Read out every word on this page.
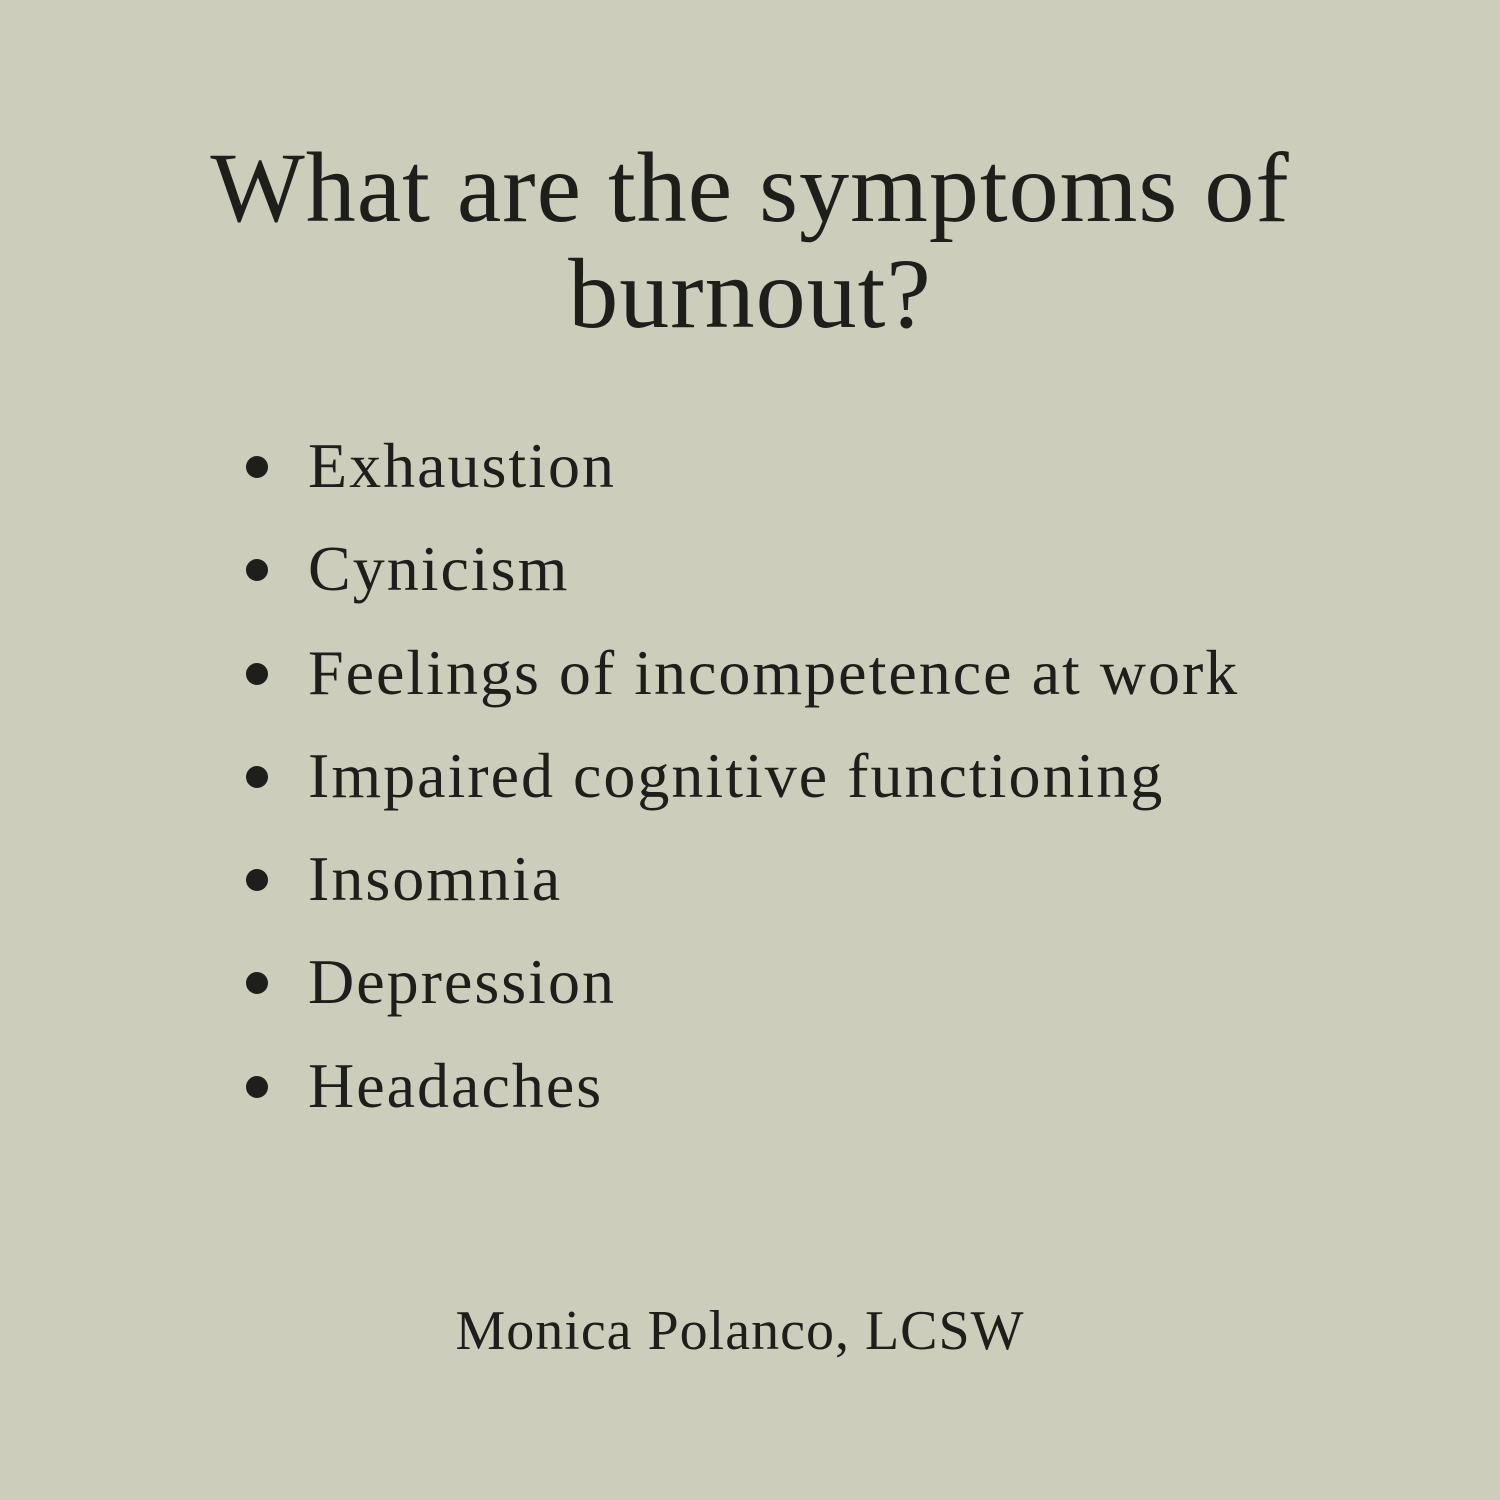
What are the symptoms of
burnout?
Exhaustion
Cynicism
Feelings of incompetence at work
Impaired cognitive functioning
Insomnia
Depression
Headaches
Monica Polanco, LCSW
